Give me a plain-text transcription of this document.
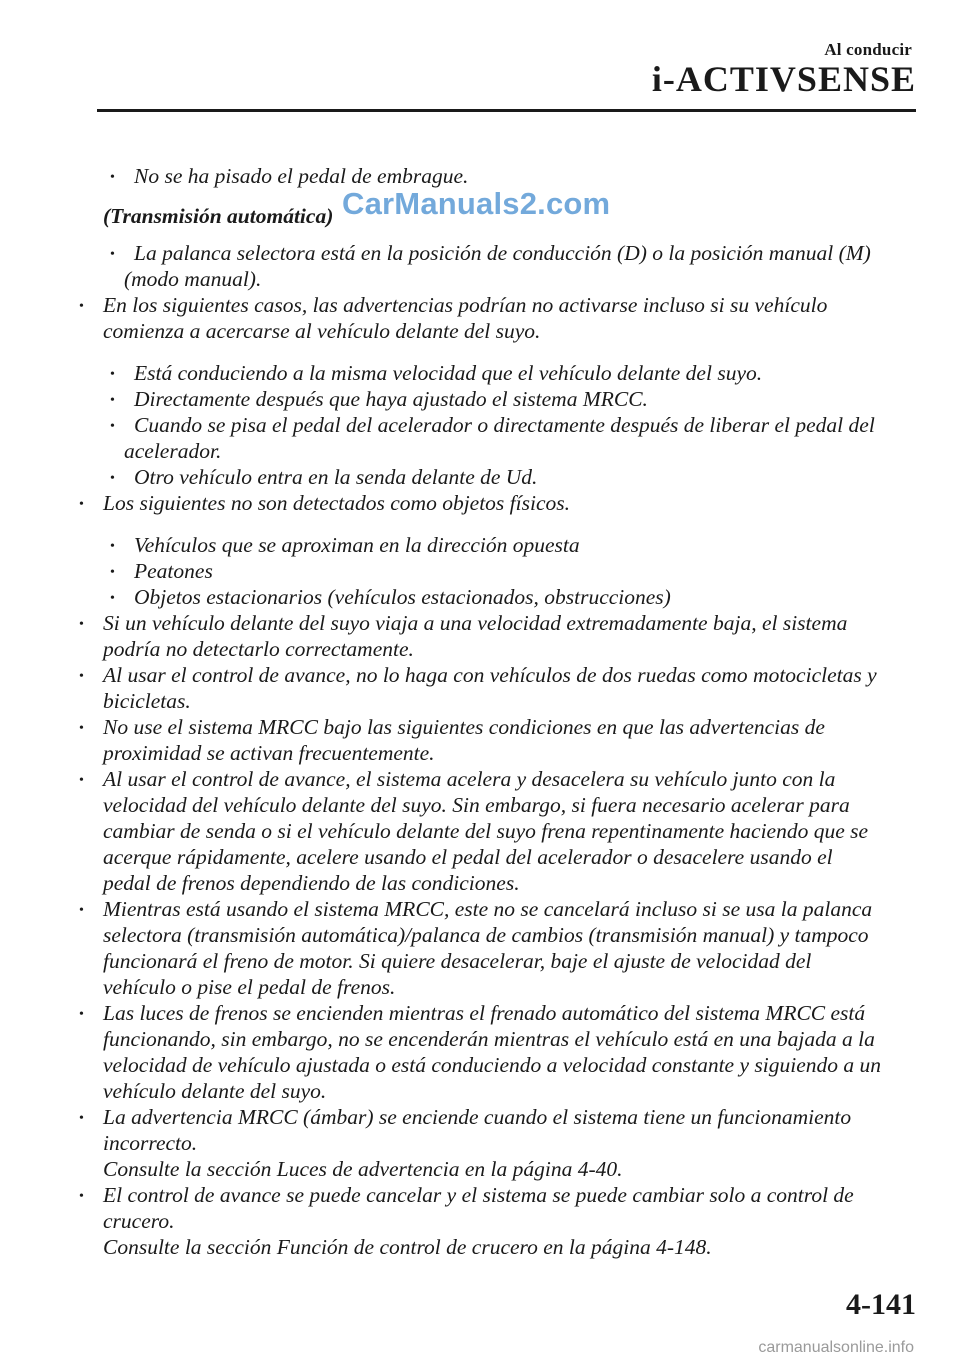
Al conducir
i-ACTIVSENSE
• No se ha pisado el pedal de embrague.
(Transmisión automática) CarManuals2.com
• La palanca selectora está en la posición de conducción (D) o la posición manual (M)
(modo manual).
• En los siguientes casos, las advertencias podrían no activarse incluso si su vehículo
comienza a acercarse al vehículo delante del suyo.
• Está conduciendo a la misma velocidad que el vehículo delante del suyo.
• Directamente después que haya ajustado el sistema MRCC.
• Cuando se pisa el pedal del acelerador o directamente después de liberar el pedal del
acelerador.
• Otro vehículo entra en la senda delante de Ud.
• Los siguientes no son detectados como objetos físicos.
• Vehículos que se aproximan en la dirección opuesta
• Peatones
• Objetos estacionarios (vehículos estacionados, obstrucciones)
• Si un vehículo delante del suyo viaja a una velocidad extremadamente baja, el sistema
podría no detectarlo correctamente.
• Al usar el control de avance, no lo haga con vehículos de dos ruedas como motocicletas y
bicicletas.
• No use el sistema MRCC bajo las siguientes condiciones en que las advertencias de
proximidad se activan frecuentemente.
• Al usar el control de avance, el sistema acelera y desacelera su vehículo junto con la
velocidad del vehículo delante del suyo. Sin embargo, si fuera necesario acelerar para
cambiar de senda o si el vehículo delante del suyo frena repentinamente haciendo que se
acerque rápidamente, acelere usando el pedal del acelerador o desacelere usando el
pedal de frenos dependiendo de las condiciones.
• Mientras está usando el sistema MRCC, este no se cancelará incluso si se usa la palanca
selectora (transmisión automática)/palanca de cambios (transmisión manual) y tampoco
funcionará el freno de motor. Si quiere desacelerar, baje el ajuste de velocidad del
vehículo o pise el pedal de frenos.
• Las luces de frenos se encienden mientras el frenado automático del sistema MRCC está
funcionando, sin embargo, no se encenderán mientras el vehículo está en una bajada a la
velocidad de vehículo ajustada o está conduciendo a velocidad constante y siguiendo a un
vehículo delante del suyo.
• La advertencia MRCC (ámbar) se enciende cuando el sistema tiene un funcionamiento
incorrecto.
Consulte la sección Luces de advertencia en la página 4-40.
• El control de avance se puede cancelar y el sistema se puede cambiar solo a control de
crucero.
Consulte la sección Función de control de crucero en la página 4-148.
4-141
carmanualsonline.info
